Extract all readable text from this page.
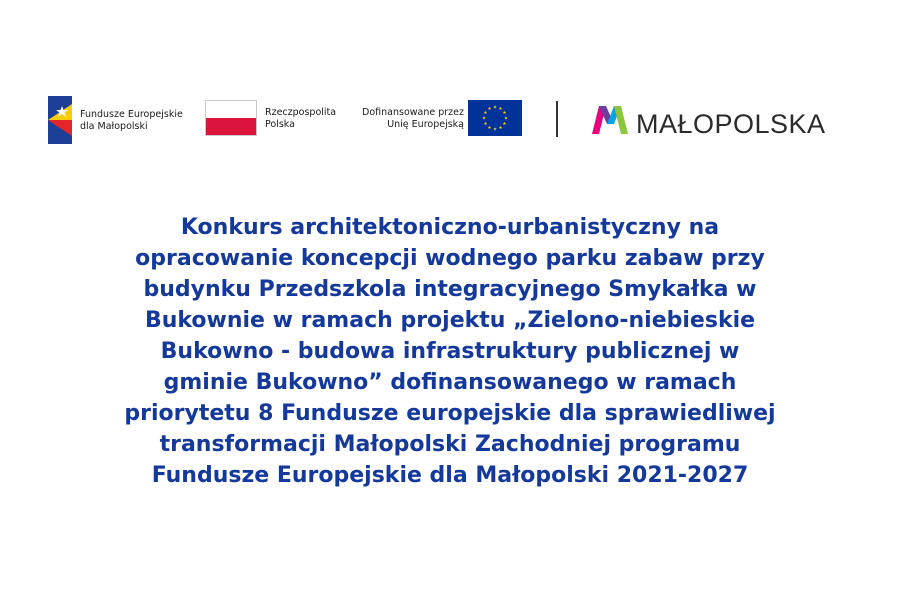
Fundusze Europejskie
dla Małopolski
Rzeczpospolita
Polska
Dofinansowane przez
Unię Europejską	MAŁOPOLSKA
Konkurs architektoniczno-urbanistyczny na
opracowanie koncepcji wodnego parku zabaw przy
budynku Przedszkola integracyjnego Smykałka w
Bukownie w ramach projektu „Zielono-niebieskie
Bukowno - budowa infrastruktury publicznej w
gminie Bukowno” dofinansowanego w ramach
priorytetu 8 Fundusze europejskie dla sprawiedliwej
transformacji Małopolski Zachodniej programu
Fundusze Europejskie dla Małopolski 2021-2027
